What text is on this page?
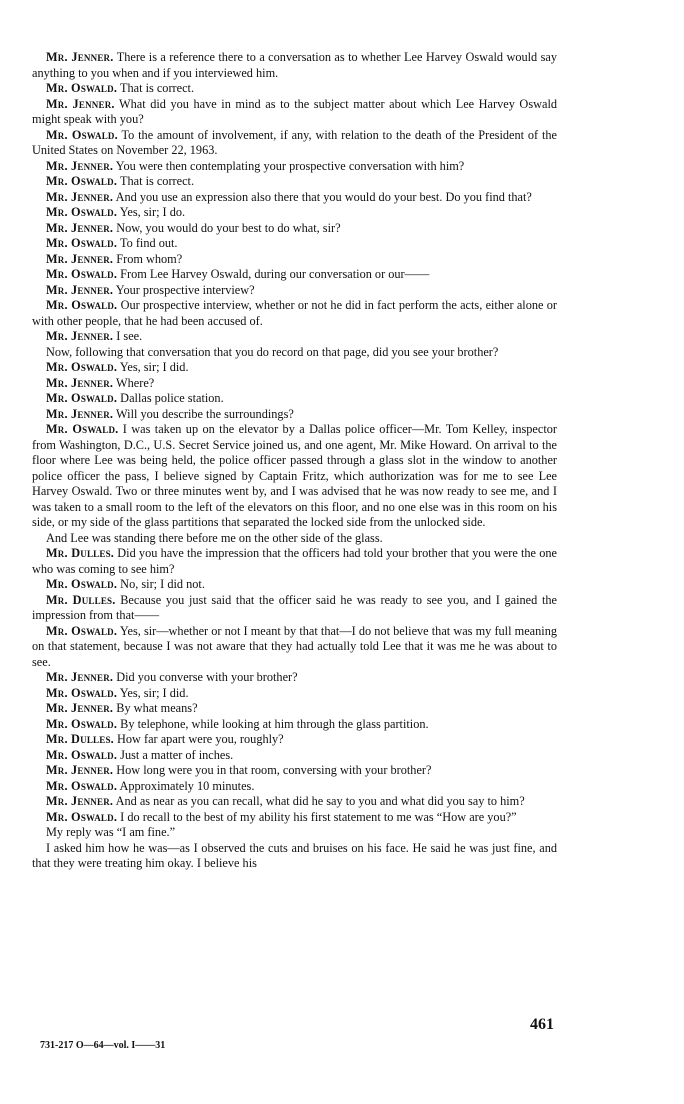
Mr. Jenner. There is a reference there to a conversation as to whether Lee Harvey Oswald would say anything to you when and if you interviewed him.

Mr. Oswald. That is correct.

Mr. Jenner. What did you have in mind as to the subject matter about which Lee Harvey Oswald might speak with you?

Mr. Oswald. To the amount of involvement, if any, with relation to the death of the President of the United States on November 22, 1963.

Mr. Jenner. You were then contemplating your prospective conversation with him?

Mr. Oswald. That is correct.

Mr. Jenner. And you use an expression also there that you would do your best. Do you find that?

Mr. Oswald. Yes, sir; I do.

Mr. Jenner. Now, you would do your best to do what, sir?

Mr. Oswald. To find out.

Mr. Jenner. From whom?

Mr. Oswald. From Lee Harvey Oswald, during our conversation or our——

Mr. Jenner. Your prospective interview?

Mr. Oswald. Our prospective interview, whether or not he did in fact perform the acts, either alone or with other people, that he had been accused of.

Mr. Jenner. I see.

Now, following that conversation that you do record on that page, did you see your brother?

Mr. Oswald. Yes, sir; I did.

Mr. Jenner. Where?

Mr. Oswald. Dallas police station.

Mr. Jenner. Will you describe the surroundings?

Mr. Oswald. I was taken up on the elevator by a Dallas police officer—Mr. Tom Kelley, inspector from Washington, D.C., U.S. Secret Service joined us, and one agent, Mr. Mike Howard. On arrival to the floor where Lee was being held, the police officer passed through a glass slot in the window to another police officer the pass, I believe signed by Captain Fritz, which authorization was for me to see Lee Harvey Oswald. Two or three minutes went by, and I was advised that he was now ready to see me, and I was taken to a small room to the left of the elevators on this floor, and no one else was in this room on his side, or my side of the glass partitions that separated the locked side from the unlocked side.

And Lee was standing there before me on the other side of the glass.

Mr. Dulles. Did you have the impression that the officers had told your brother that you were the one who was coming to see him?

Mr. Oswald. No, sir; I did not.

Mr. Dulles. Because you just said that the officer said he was ready to see you, and I gained the impression from that——

Mr. Oswald. Yes, sir—whether or not I meant by that that—I do not believe that was my full meaning on that statement, because I was not aware that they had actually told Lee that it was me he was about to see.

Mr. Jenner. Did you converse with your brother?

Mr. Oswald. Yes, sir; I did.

Mr. Jenner. By what means?

Mr. Oswald. By telephone, while looking at him through the glass partition.

Mr. Dulles. How far apart were you, roughly?

Mr. Oswald. Just a matter of inches.

Mr. Jenner. How long were you in that room, conversing with your brother?

Mr. Oswald. Approximately 10 minutes.

Mr. Jenner. And as near as you can recall, what did he say to you and what did you say to him?

Mr. Oswald. I do recall to the best of my ability his first statement to me was “How are you?”

My reply was “I am fine.”

I asked him how he was—as I observed the cuts and bruises on his face. He said he was just fine, and that they were treating him okay. I believe his

461
731-217 O—64—vol. I——31
